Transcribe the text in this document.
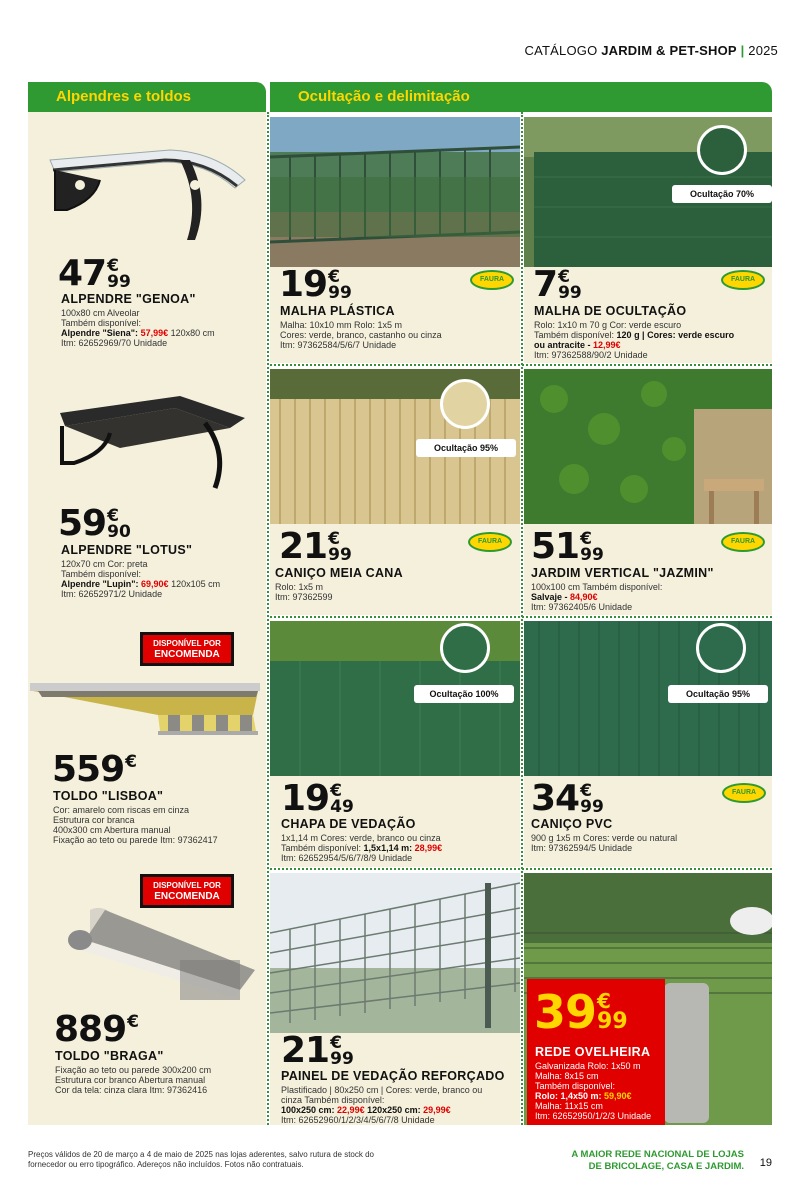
CATÁLOGO JARDIM & PET-SHOP | 2025
Alpendres e toldos	Ocultação e delimitação
47 €
99
ALPENDRE "GENOA"
100x80 cm Alveolar
Também disponível:
Alpendre "Siena": 57,99€ 120x80 cm
Itm: 62652969/70 Unidade
59 €
90
ALPENDRE "LOTUS"
120x70 cm Cor: preta
Também disponível:
Alpendre "Lupin": 69,90€ 120x105 cm
Itm: 62652971/2 Unidade
DISPONÍVEL POR
ENCOMENDA
559 €
TOLDO "LISBOA"
Cor: amarelo com riscas em cinza
Estrutura cor branca
400x300 cm Abertura manual
Fixação ao teto ou parede Itm: 97362417
DISPONÍVEL POR
ENCOMENDA
889 €
TOLDO "BRAGA"
Fixação ao teto ou parede 300x200 cm
Estrutura cor branco Abertura manual
Cor da tela: cinza clara Itm: 97362416
FAURA
19 €
99
MALHA PLÁSTICA
Malha: 10x10 mm Rolo: 1x5 m
Cores: verde, branco, castanho ou cinza
Itm: 97362584/5/6/7 Unidade
Ocultação 70%
FAURA
7 €
99
MALHA DE OCULTAÇÃO
Rolo: 1x10 m 70 g Cor: verde escuro
Também disponível: 120 g | Cores: verde escuro
ou antracite - 12,99€
Itm: 97362588/90/2 Unidade
Ocultação 95%
FAURA
21 €
99
CANIÇO MEIA CANA
Rolo: 1x5 m
Itm: 97362599
FAURA
51 €
99
JARDIM VERTICAL "JAZMIN"
100x100 cm Também disponível:
Salvaje - 84,90€
Itm: 97362405/6 Unidade
Ocultação 100%
19 €
49
CHAPA DE VEDAÇÃO
1x1,14 m Cores: verde, branco ou cinza
Também disponível: 1,5x1,14 m: 28,99€
Itm: 62652954/5/6/7/8/9 Unidade
Ocultação 95%
FAURA
34 €
99
CANIÇO PVC
900 g 1x5 m Cores: verde ou natural
Itm: 97362594/5 Unidade
21 €
99
PAINEL DE VEDAÇÃO REFORÇADO
Plastificado | 80x250 cm | Cores: verde, branco ou
cinza Também disponível:
100x250 cm: 22,99€ 120x250 cm: 29,99€
Itm: 62652960/1/2/3/4/5/6/7/8 Unidade
39 €
99
REDE OVELHEIRA
Galvanizada Rolo: 1x50 m
Malha: 8x15 cm
Também disponível:
Rolo: 1,4x50 m: 59,90€
Malha: 11x15 cm
Itm: 62652950/1/2/3 Unidade
Preços válidos de 20 de março a 4 de maio de 2025 nas lojas aderentes, salvo rutura de stock do
fornecedor ou erro tipográfico. Adereços não incluídos. Fotos não contratuais.
A MAIOR REDE NACIONAL DE LOJAS
DE BRICOLAGE, CASA E JARDIM. 19
